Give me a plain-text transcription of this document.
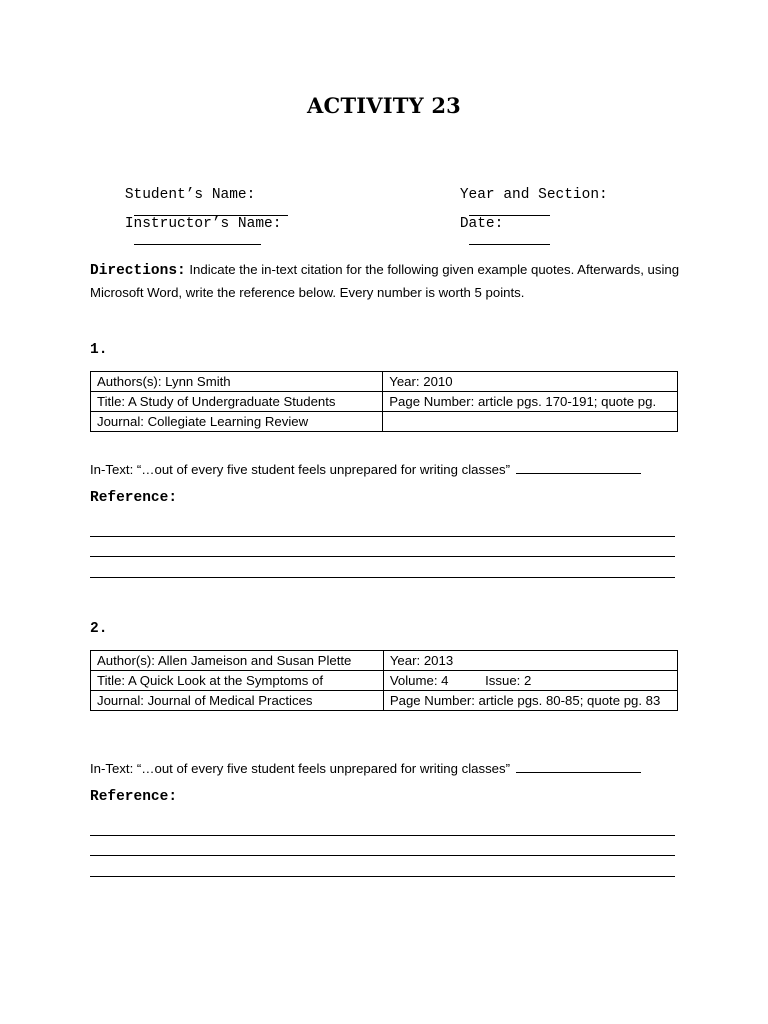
ACTIVITY 23

Student’s Name:

	Year and Section:

Instructor’s Name:

	Date:

Directions: Indicate the in-text citation for the following given example quotes. Afterwards, using Microsoft Word, write the reference below. Every number is worth 5 points.
1.
Authors(s): Lynn Smith	Year: 2010
Title: A Study of Undergraduate Students	Page Number: article pgs. 170-191; quote pg.
Journal: Collegiate Learning Review	
In-Text: “…out of every five student feels unprepared for writing classes”
Reference:
2.
Author(s): Allen Jameison and Susan Plette	Year: 2013
Title: A Quick Look at the Symptoms of	Volume: 4          Issue: 2
Journal: Journal of Medical Practices	Page Number: article pgs. 80-85; quote pg. 83
In-Text: “…out of every five student feels unprepared for writing classes”
Reference:
